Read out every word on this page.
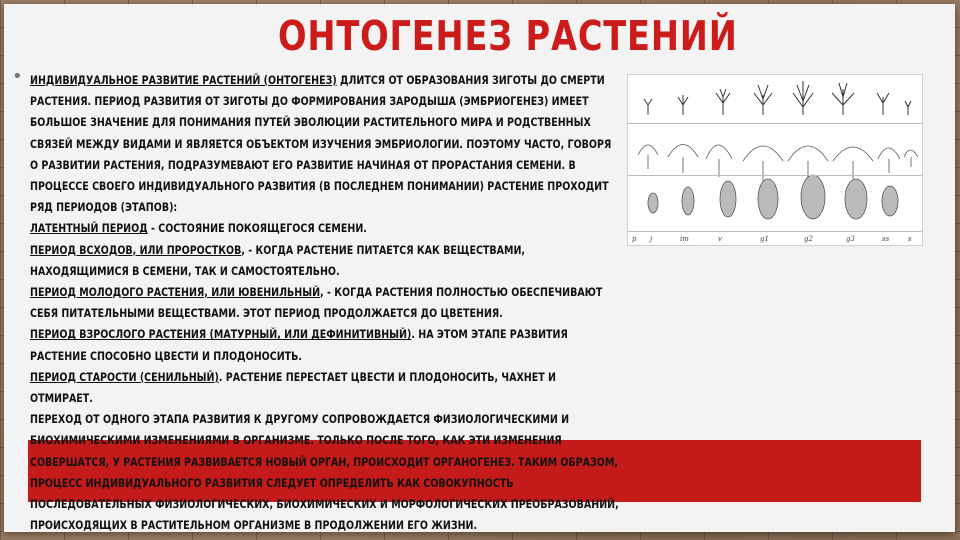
ОНТОГЕНЕЗ РАСТЕНИЙ
• ИНДИВИДУАЛЬНОЕ РАЗВИТИЕ РАСТЕНИЙ (ОНТОГЕНЕЗ) ДЛИТСЯ ОТ ОБРАЗОВАНИЯ ЗИГОТЫ ДО СМЕРТИ РАСТЕНИЯ. ПЕРИОД РАЗВИТИЯ ОТ ЗИГОТЫ ДО ФОРМИРОВАНИЯ ЗАРОДЫША (ЭМБРИОГЕНЕЗ) ИМЕЕТ БОЛЬШОЕ ЗНАЧЕНИЕ ДЛЯ ПОНИМАНИЯ ПУТЕЙ ЭВОЛЮЦИИ РАСТИТЕЛЬНОГО МИРА И РОДСТВЕННЫХ СВЯЗЕЙ МЕЖДУ ВИДАМИ И ЯВЛЯЕТСЯ ОБЪЕКТОМ ИЗУЧЕНИЯ ЭМБРИОЛОГИИ. ПОЭТОМУ ЧАСТО, ГОВОРЯ О РАЗВИТИИ РАСТЕНИЯ, ПОДРАЗУМЕВАЮТ ЕГО РАЗВИТИЕ НАЧИНАЯ ОТ ПРОРАСТАНИЯ СЕМЕНИ. В ПРОЦЕССЕ СВОЕГО ИНДИВИДУАЛЬНОГО РАЗВИТИЯ (В ПОСЛЕДНЕМ ПОНИМАНИИ) РАСТЕНИЕ ПРОХОДИТ РЯД ПЕРИОДОВ (ЭТАПОВ):

ЛАТЕНТНЫЙ ПЕРИОД - СОСТОЯНИЕ ПОКОЯЩЕГОСЯ СЕМЕНИ.

ПЕРИОД ВСХОДОВ, ИЛИ ПРОРОСТКОВ, - КОГДА РАСТЕНИЕ ПИТАЕТСЯ КАК ВЕЩЕСТВАМИ, НАХОДЯЩИМИСЯ В СЕМЕНИ, ТАК И САМОСТОЯТЕЛЬНО.

ПЕРИОД МОЛОДОГО РАСТЕНИЯ, ИЛИ ЮВЕНИЛЬНЫЙ, - КОГДА РАСТЕНИЯ ПОЛНОСТЬЮ ОБЕСПЕЧИВАЮТ СЕБЯ ПИТАТЕЛЬНЫМИ ВЕЩЕСТВАМИ. ЭТОТ ПЕРИОД ПРОДОЛЖАЕТСЯ ДО ЦВЕТЕНИЯ.

ПЕРИОД ВЗРОСЛОГО РАСТЕНИЯ (МАТУРНЫЙ, ИЛИ ДЕФИНИТИВНЫЙ). НА ЭТОМ ЭТАПЕ РАЗВИТИЯ РАСТЕНИЕ СПОСОБНО ЦВЕСТИ И ПЛОДОНОСИТЬ.

ПЕРИОД СТАРОСТИ (СЕНИЛЬНЫЙ). РАСТЕНИЕ ПЕРЕСТАЕТ ЦВЕСТИ И ПЛОДОНОСИТЬ, ЧАХНЕТ И ОТМИРАЕТ.

ПЕРЕХОД ОТ ОДНОГО ЭТАПА РАЗВИТИЯ К ДРУГОМУ СОПРОВОЖДАЕТСЯ ФИЗИОЛОГИЧЕСКИМИ И БИОХИМИЧЕСКИМИ ИЗМЕНЕНИЯМИ В ОРГАНИЗМЕ. ТОЛЬКО ПОСЛЕ ТОГО, КАК ЭТИ ИЗМЕНЕНИЯ СОВЕРШАТСЯ, У РАСТЕНИЯ РАЗВИВАЕТСЯ НОВЫЙ ОРГАН, ПРОИСХОДИТ ОРГАНОГЕНЕЗ. ТАКИМ ОБРАЗОМ, ПРОЦЕСС ИНДИВИДУАЛЬНОГО РАЗВИТИЯ СЛЕДУЕТ ОПРЕДЕЛИТЬ КАК СОВОКУПНОСТЬ ПОСЛЕДОВАТЕЛЬНЫХ ФИЗИОЛОГИЧЕСКИХ, БИОХИМИЧЕСКИХ И МОРФОЛОГИЧЕСКИХ ПРЕОБРАЗОВАНИЙ, ПРОИСХОДЯЩИХ В РАСТИТЕЛЬНОМ ОРГАНИЗМЕ В ПРОДОЛЖЕНИИ ЕГО ЖИЗНИ.

p j	im	v	g1	g2	g3	ss	s
